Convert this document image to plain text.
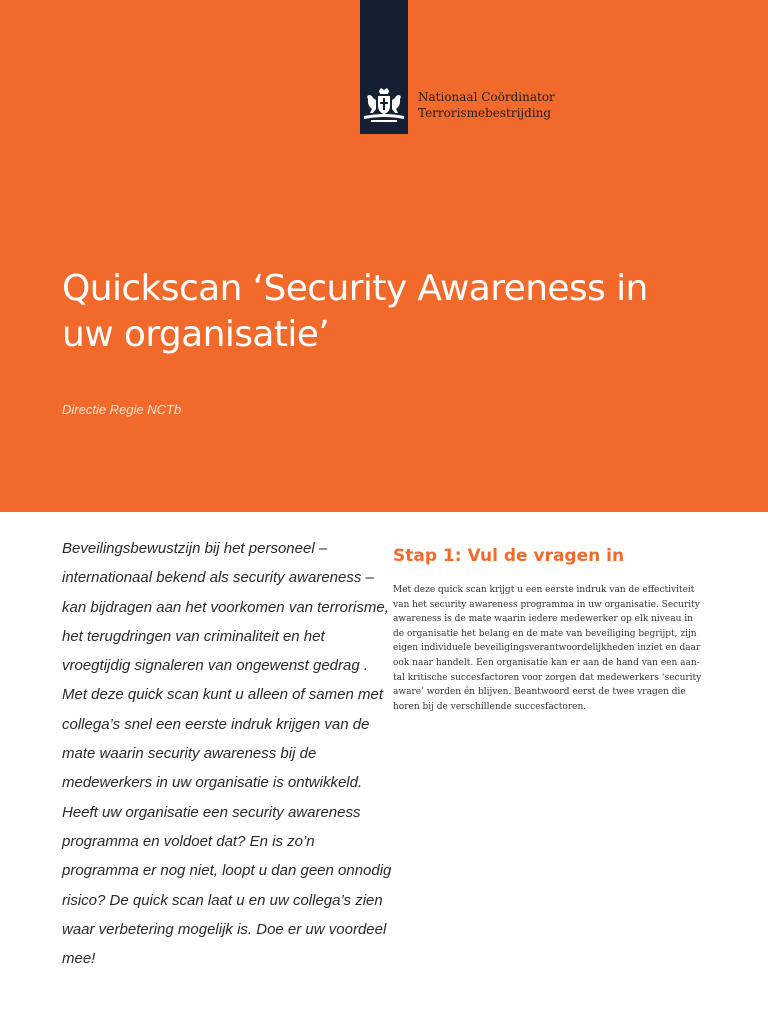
Nationaal Coördinator
Terrorismebestrijding
Quickscan ‘Security Awareness in
uw organisatie’
Directie Regie NCTb
Beveilingsbewustzijn bij het personeel –
internationaal bekend als security awareness –
kan bijdragen aan het voorkomen van terrorisme,
het terugdringen van criminaliteit en het
vroegtijdig signaleren van ongewenst gedrag .
Met deze quick scan kunt u alleen of samen met
collega’s snel een eerste indruk krijgen van de
mate waarin security awareness bij de
medewerkers in uw organisatie is ontwikkeld.
Heeft uw organisatie een security awareness
programma en voldoet dat? En is zo’n
programma er nog niet, loopt u dan geen onnodig
risico? De quick scan laat u en uw collega’s zien
waar verbetering mogelijk is. Doe er uw voordeel
mee!
Stap 1: Vul de vragen in
Met deze quick scan krijgt u een eerste indruk van de effectiviteit
van het security awareness programma in uw organisatie. Security
awareness is de mate waarin iedere medewerker op elk niveau in
de organisatie het belang en de mate van beveiliging begrijpt, zijn
eigen individuele beveiligingsverantwoordelijkheden inziet en daar
ook naar handelt. Een organisatie kan er aan de hand van een aan-
tal kritische succesfactoren voor zorgen dat medewerkers ‘security
aware’ worden én blijven. Beantwoord eerst de twee vragen die
horen bij de verschillende succesfactoren.
